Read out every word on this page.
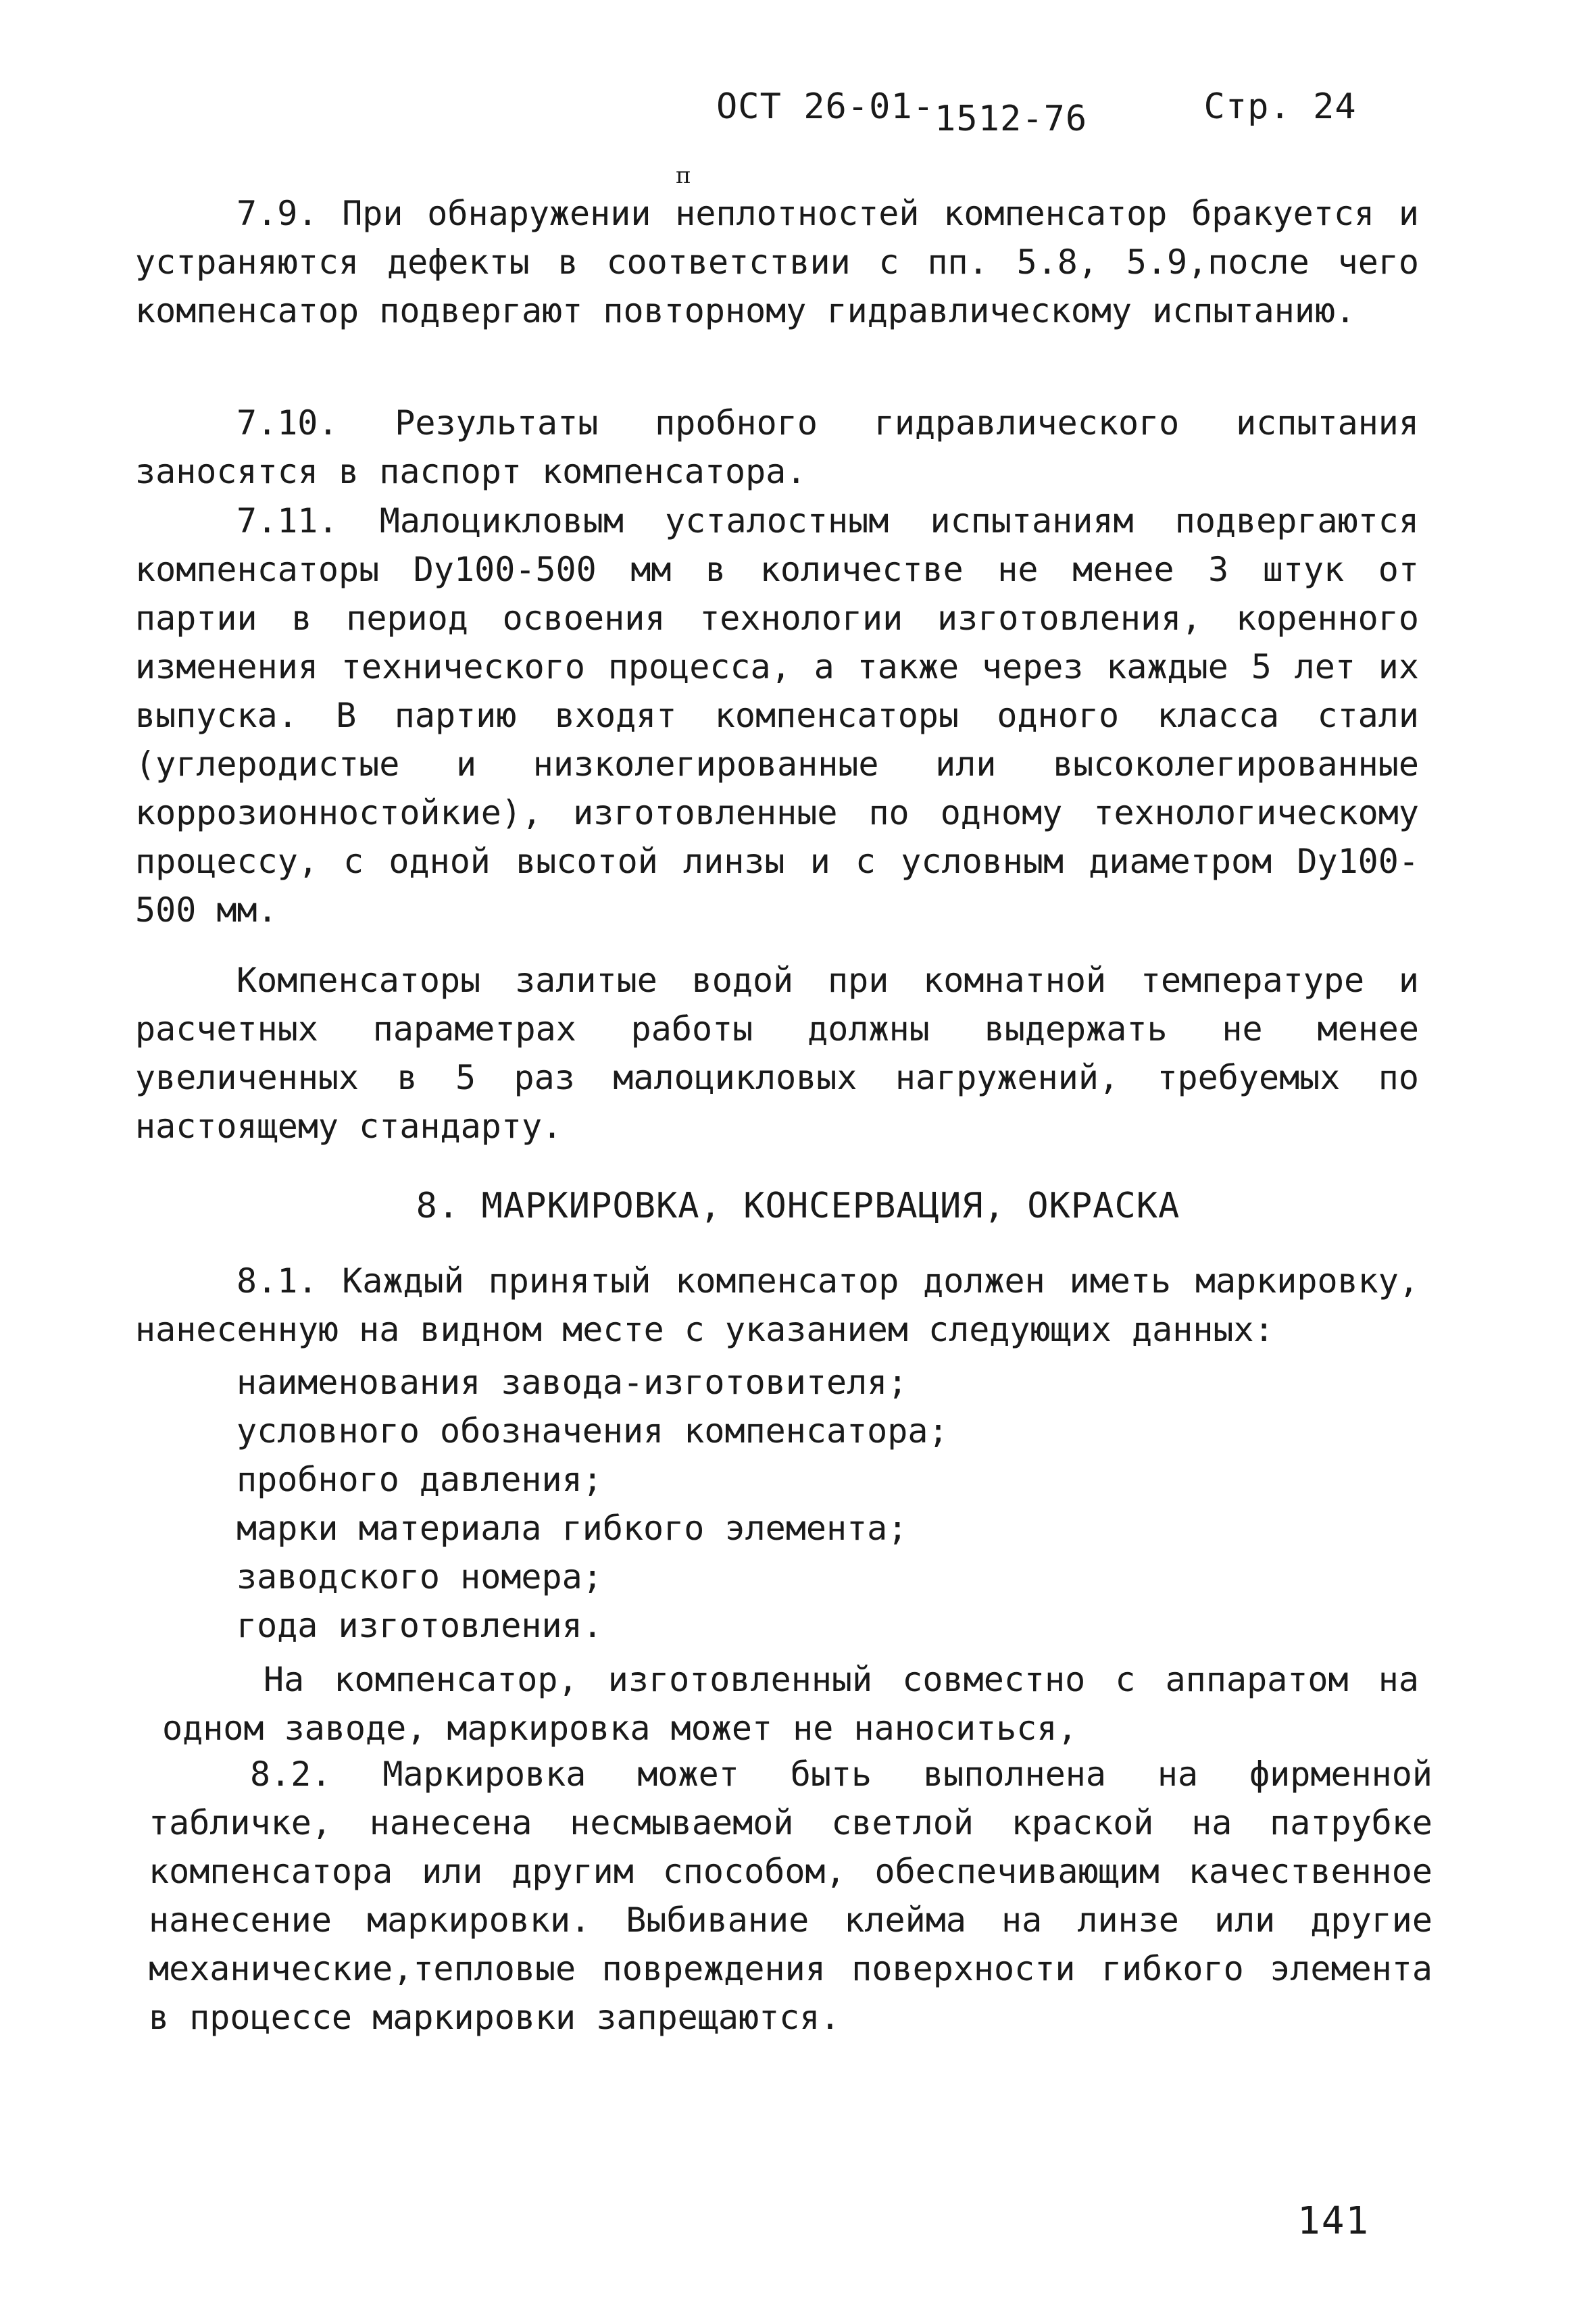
ОСТ 26-01-1512-76	Стр. 24
п

7.9. При обнаружении неплотностей компенсатор бракуется и устраняются дефекты в соответствии с пп. 5.8, 5.9,после чего компенсатор подвергают повторному гидравлическому испытанию.

7.10. Результаты пробного гидравлического испытания заносятся в паспорт компенсатора.

7.11. Малоцикловым усталостным испытаниям подвергаются компенсаторы Dу100-500 мм в количестве не менее 3 штук от партии в период освоения технологии изготовления, коренного изменения технического процесса, а также через каждые 5 лет их выпуска. В партию входят компенсаторы одного класса стали (углеродистые и низколегированные или высоколегированные коррозионностойкие), изготовленные по одному технологическому процессу, с одной высотой линзы и с условным диаметром Dу100-500 мм.

Компенсаторы залитые водой при комнатной температуре и расчетных параметрах работы должны выдержать не менее увеличенных в 5 раз малоцикловых нагружений, требуемых по настоящему стандарту.

8. МАРКИРОВКА, КОНСЕРВАЦИЯ, ОКРАСКА

8.1. Каждый принятый компенсатор должен иметь маркировку, нанесенную на видном месте с указанием следующих данных:

наименования завода-изготовителя;
условного обозначения компенсатора;
пробного давления;
марки материала гибкого элемента;
заводского номера;
года изготовления.

На компенсатор, изготовленный совместно с аппаратом на одном заводе, маркировка может не наноситься,

8.2. Маркировка может быть выполнена на фирменной табличке, нанесена несмываемой светлой краской на патрубке компенсатора или другим способом, обеспечивающим качественное нанесение маркировки. Выбивание клейма на линзе или другие механические,тепловые повреждения поверхности гибкого элемента в процессе маркировки запрещаются.

141
